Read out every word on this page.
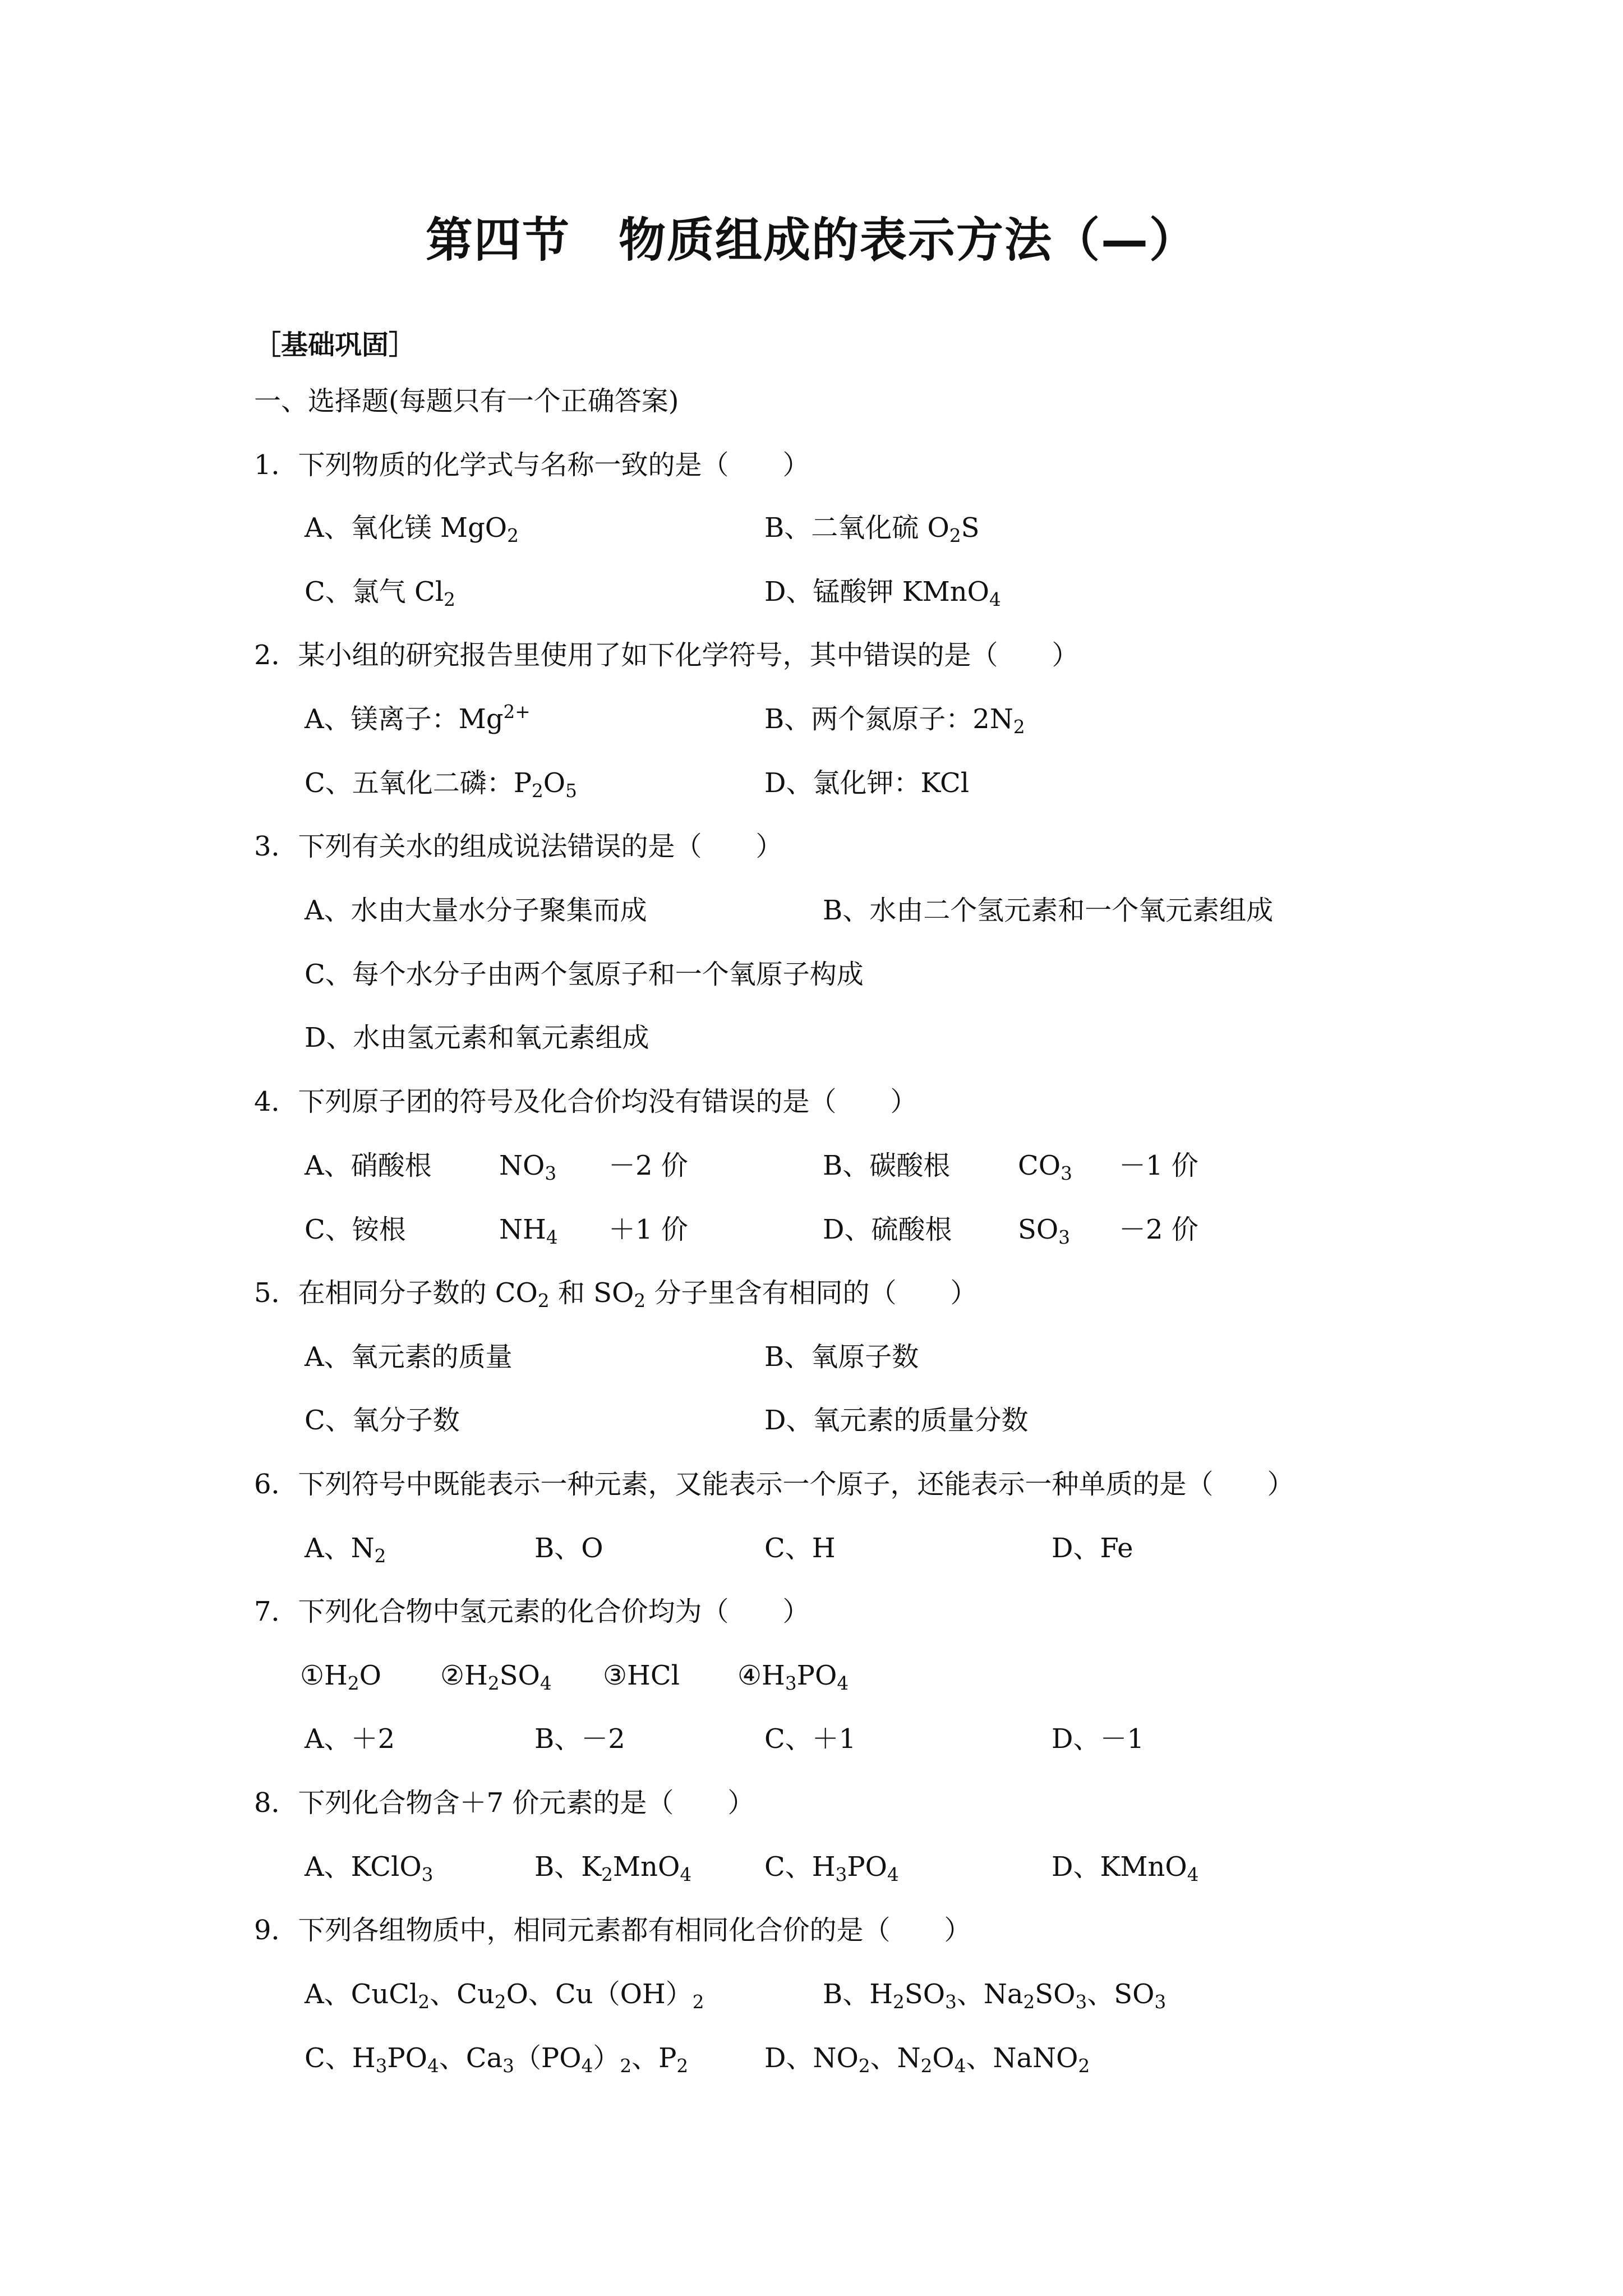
第四节　物质组成的表示方法（—）
［基础巩固］
一、选择题(每题只有一个正确答案)
1．下列物质的化学式与名称一致的是（　　）
A、氧化镁 MgO$_2$	B、二氧化硫 $O_2S$
C、氯气 $Cl_2$	D、锰酸钾 KMnO$_4$
2．某小组的研究报告里使用了如下化学符号，其中错误的是（　　）
A、镁离子：$Mg^{2+}$	B、两个氮原子：$2N_2$
C、五氧化二磷：$P_2O_5$	D、氯化钾：KCl
3．下列有关水的组成说法错误的是（　　）
A、水由大量水分子聚集而成	B、水由二个氢元素和一个氧元素组成
C、每个水分子由两个氢原子和一个氧原子构成
D、水由氢元素和氧元素组成
4．下列原子团的符号及化合价均没有错误的是（　　）
A、硝酸根	$NO_3 -2$ 价	B、碳酸根	$CO_3 -1$ 价
C、铵根	$NH_4 +1$ 价	D、硫酸根 $SO_3 -2$ 价
5．在相同分子数的 $CO_2$ 和 $SO_2$ 分子里含有相同的（　　）
A、氧元素的质量	B、氧原子数
C、氧分子数	D、氧元素的质量分数
6．下列符号中既能表示一种元素，又能表示一个原子，还能表示一种单质的是（　　）
A、$N_2$	B、O	C、H	D、Fe
7．下列化合物中氢元素的化合价均为（　　）
$①H_2O$ $②H_2SO_4$ ③HCl $④H_3PO_4$
A、＋2	B、－2	C、＋1	D、－1
8．下列化合物含＋7 价元素的是（　　）
A、KClO$_3$	B、$K_2MnO_4$	C、$H_3PO_4$	D、KMnO$_4$
9．下列各组物质中，相同元素都有相同化合价的是（　　）
A、CuCl$_2$、$Cu_2O$、$Cu(OH)_2$	B、$H_2SO_3$、$Na_2SO_3$、$SO_3$
C、$H_3PO_4$、$Ca_3(PO_4)_2$、$P_2$	D、$NO_2$、$N_2O_4$、NaNO$_2$
